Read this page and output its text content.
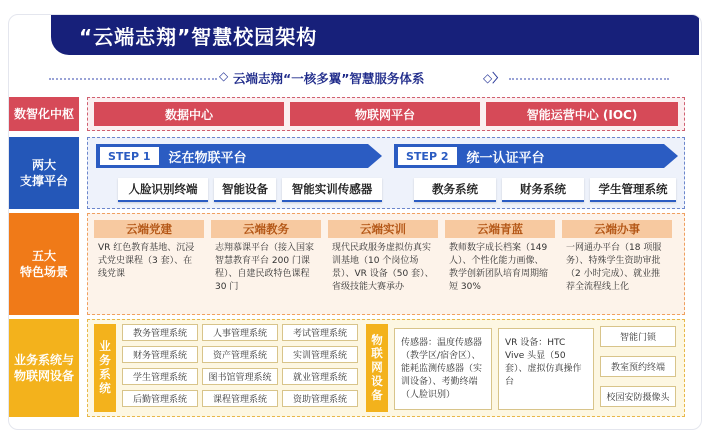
“云端志翔”智慧校园架构
◇ 云端志翔“一核多翼”智慧服务体系	◇〉
数智化中枢	数据中心	物联网平台	智能运营中心 (IOC)
两大
支撑平台
STEP 1	泛在物联平台
人脸识别终端	智能设备	智能实训传感器
STEP 2	统一认证平台
教务系统	财务系统	学生管理系统
五大
特色场景
云端党建
VR 红色教育基地、沉浸式党史课程（3 套）、在线党课
云端教务
志翔慕课平台（接入国家智慧教育平台 200 门课程）、自建民政特色课程 30 门
云端实训
现代民政服务虚拟仿真实训基地（10 个岗位场景）、VR 设备（50 套）、省级技能大赛承办
云端青蓝
教师数字成长档案（149 人）、个性化能力画像、教学创新团队培育周期缩短 30%
云端办事
一网通办平台（18 项服务）、特殊学生资助审批（2 小时完成）、就业推荐全流程线上化
业务系统与
物联网设备
业
务
系
统
教务管理系统	人事管理系统	考试管理系统
财务管理系统	资产管理系统	实训管理系统
学生管理系统	图书馆管理系统	就业管理系统
后勤管理系统	课程管理系统	资助管理系统
物
联
网
设
备
传感器：温度传感器（教学区/宿舍区）、能耗监测传感器（实训设备）、考勤终端（人脸识别）
VR 设备：HTC Vive 头显（50 套）、虚拟仿真操作台
智能门锁
教室预约终端
校园安防摄像头
